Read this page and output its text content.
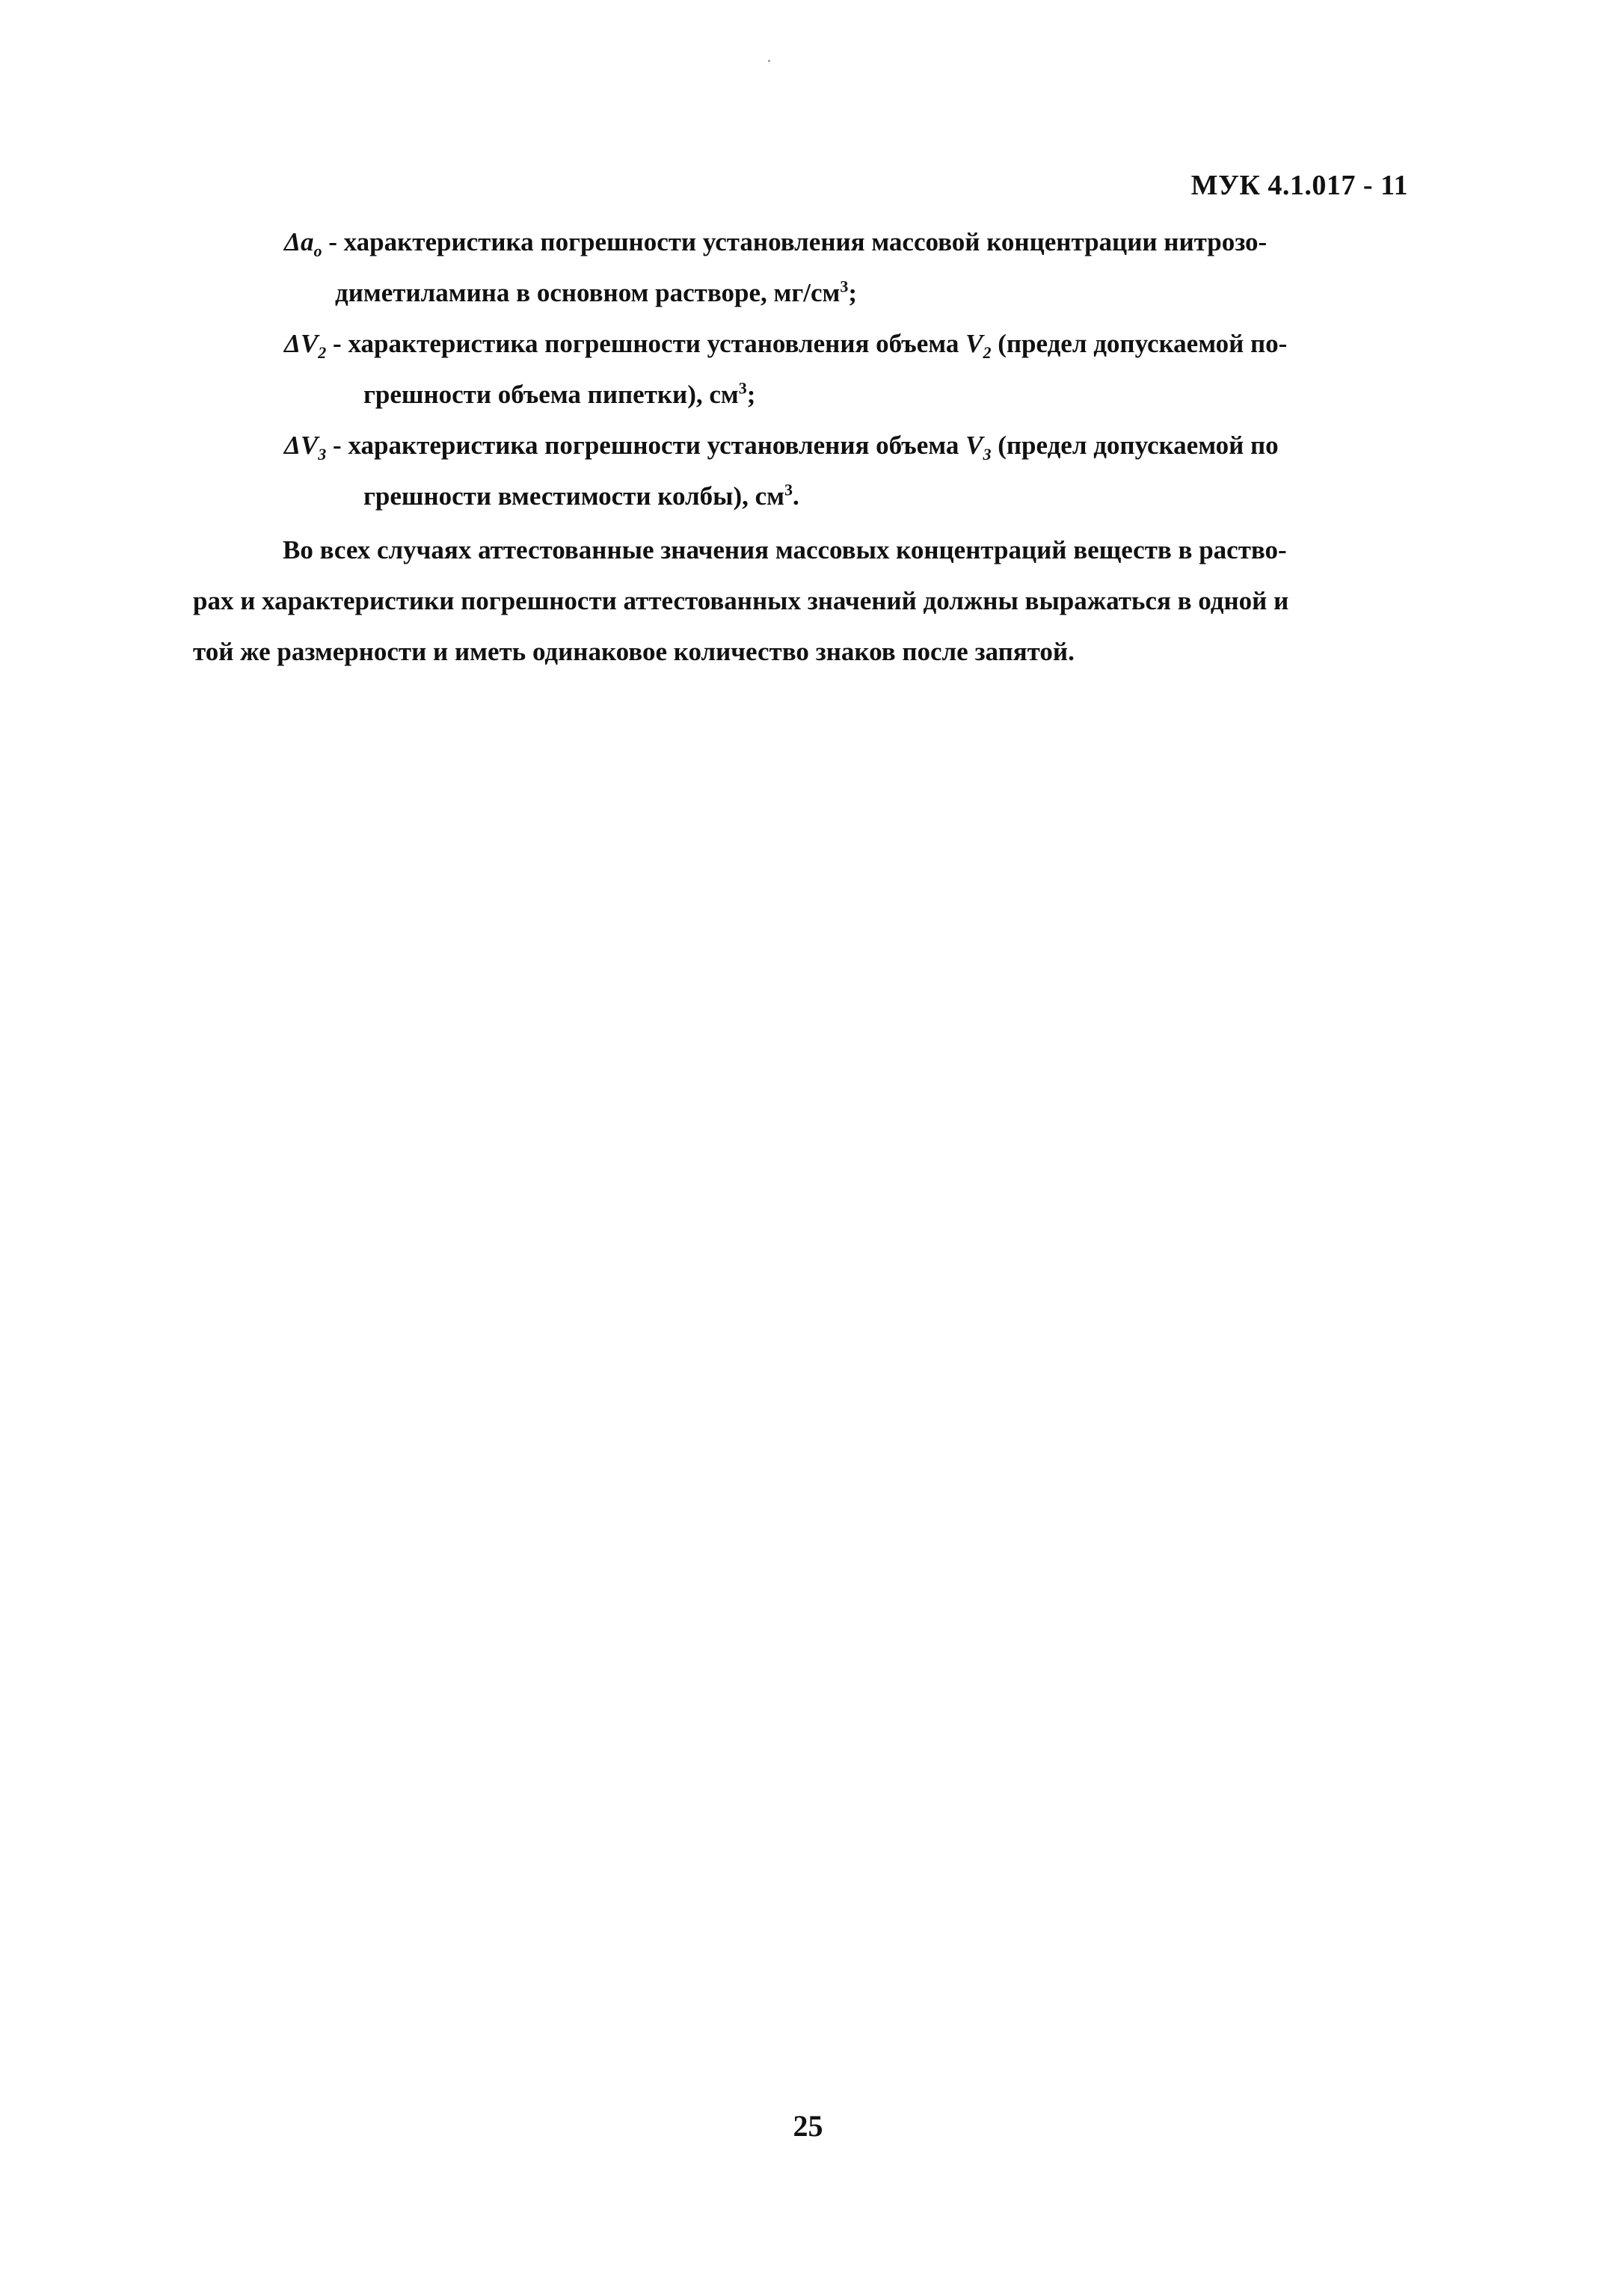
МУК 4.1.017 - 11
$\Delta a_o$ - характеристика погрешности установления массовой концентрации нитрозо-
диметиламина в основном растворе, $мг/см^3$;
$\Delta V_2$ - характеристика погрешности установления объема $V_2$ (предел допускаемой по-
грешности объема пипетки), $см^3$;
$\Delta V_3$ - характеристика погрешности установления объема $V_3$ (предел допускаемой по
грешности вместимости колбы), $см^3$.
Во всех случаях аттестованные значения массовых концентраций веществ в раство-
рах и характеристики погрешности аттестованных значений должны выражаться в одной и
той же размерности и иметь одинаковое количество знаков после запятой.
25
